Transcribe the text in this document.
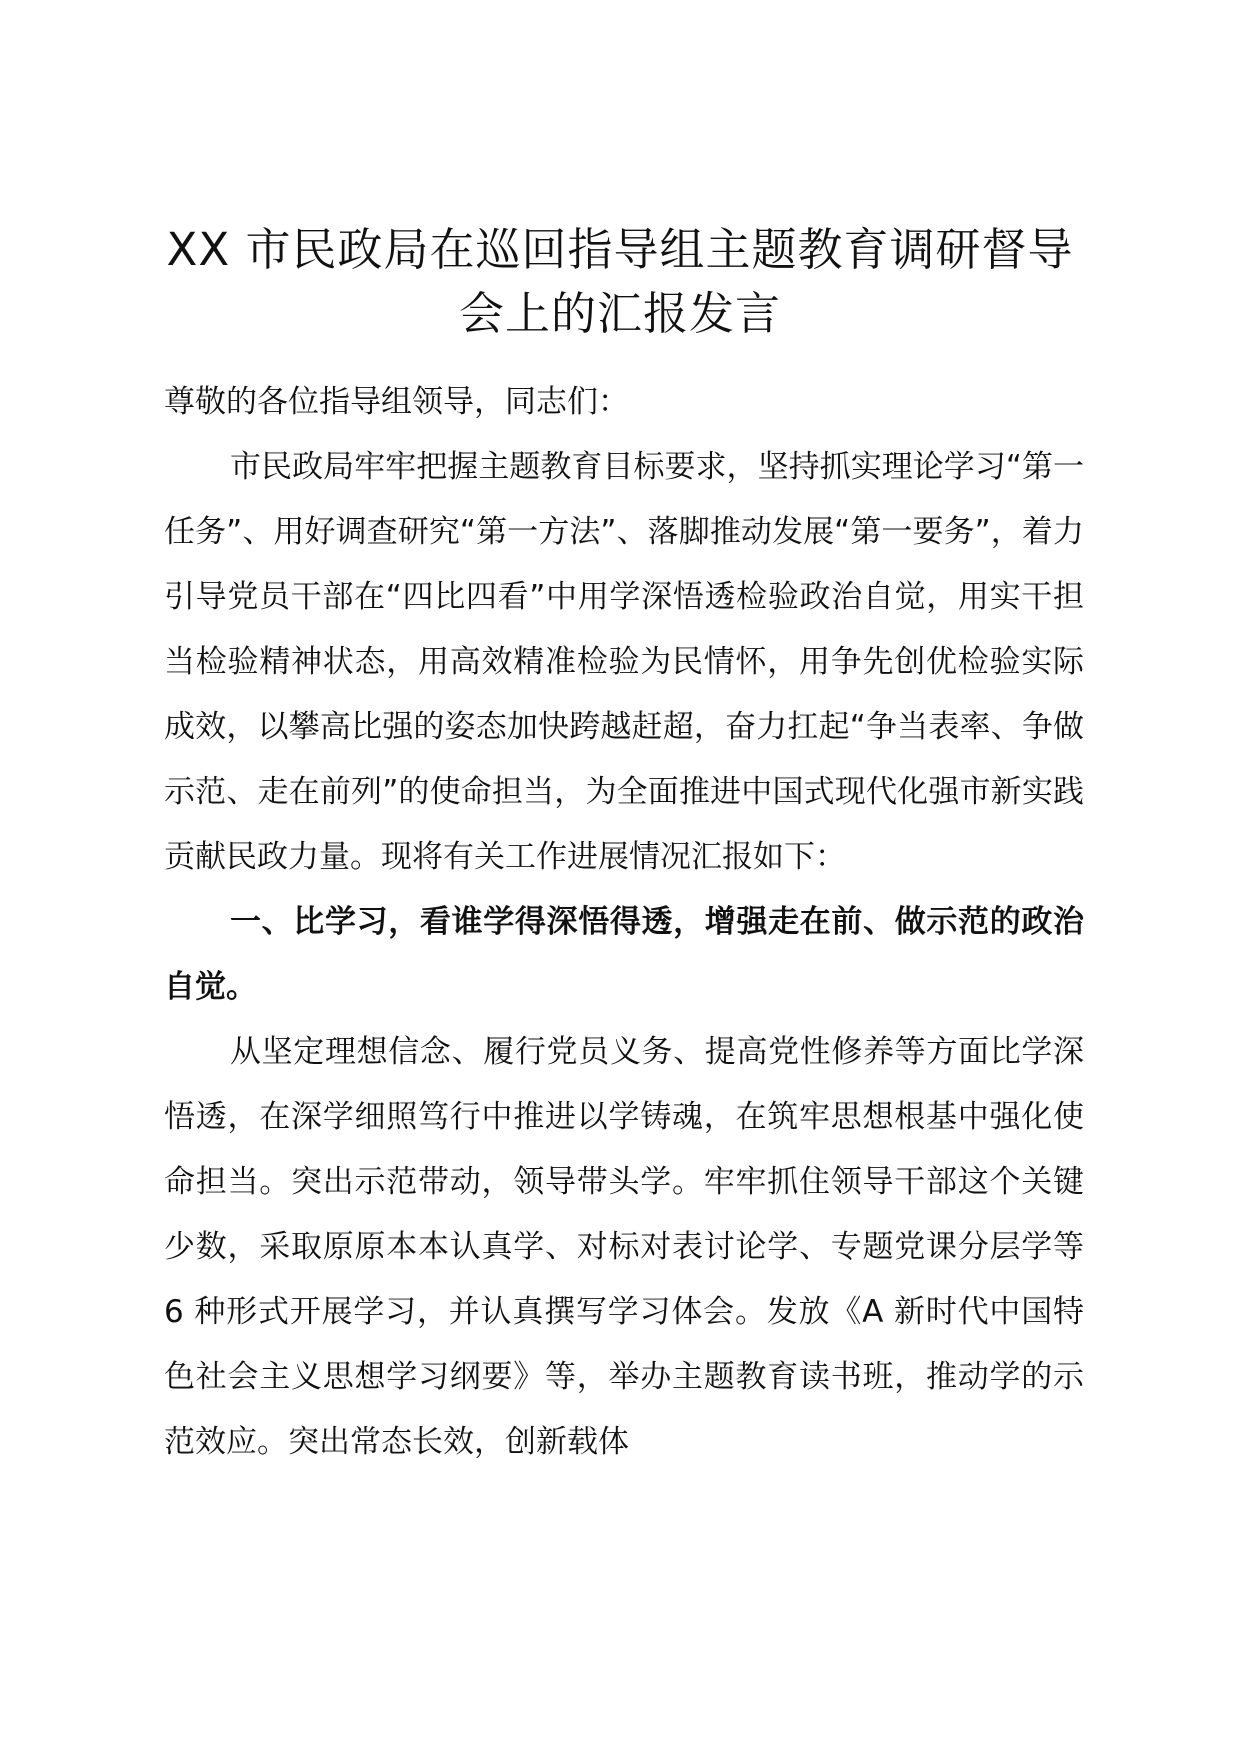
XX 市民政局在巡回指导组主题教育调研督导会上的汇报发言

尊敬的各位指导组领导，同志们：

市民政局牢牢把握主题教育目标要求，坚持抓实理论学习“第一任务”、用好调查研究“第一方法”、落脚推动发展“第一要务”，着力引导党员干部在“四比四看”中用学深悟透检验政治自觉，用实干担当检验精神状态，用高效精准检验为民情怀，用争先创优检验实际成效，以攀高比强的姿态加快跨越赶超，奋力扛起“争当表率、争做示范、走在前列”的使命担当，为全面推进中国式现代化强市新实践贡献民政力量。现将有关工作进展情况汇报如下：

一、比学习，看谁学得深悟得透，增强走在前、做示范的政治自觉。

从坚定理想信念、履行党员义务、提高党性修养等方面比学深悟透，在深学细照笃行中推进以学铸魂，在筑牢思想根基中强化使命担当。突出示范带动，领导带头学。牢牢抓住领导干部这个关键少数，采取原原本本认真学、对标对表讨论学、专题党课分层学等 6 种形式开展学习，并认真撰写学习体会。发放《A 新时代中国特色社会主义思想学习纲要》等，举办主题教育读书班，推动学的示范效应。突出常态长效，创新载体
